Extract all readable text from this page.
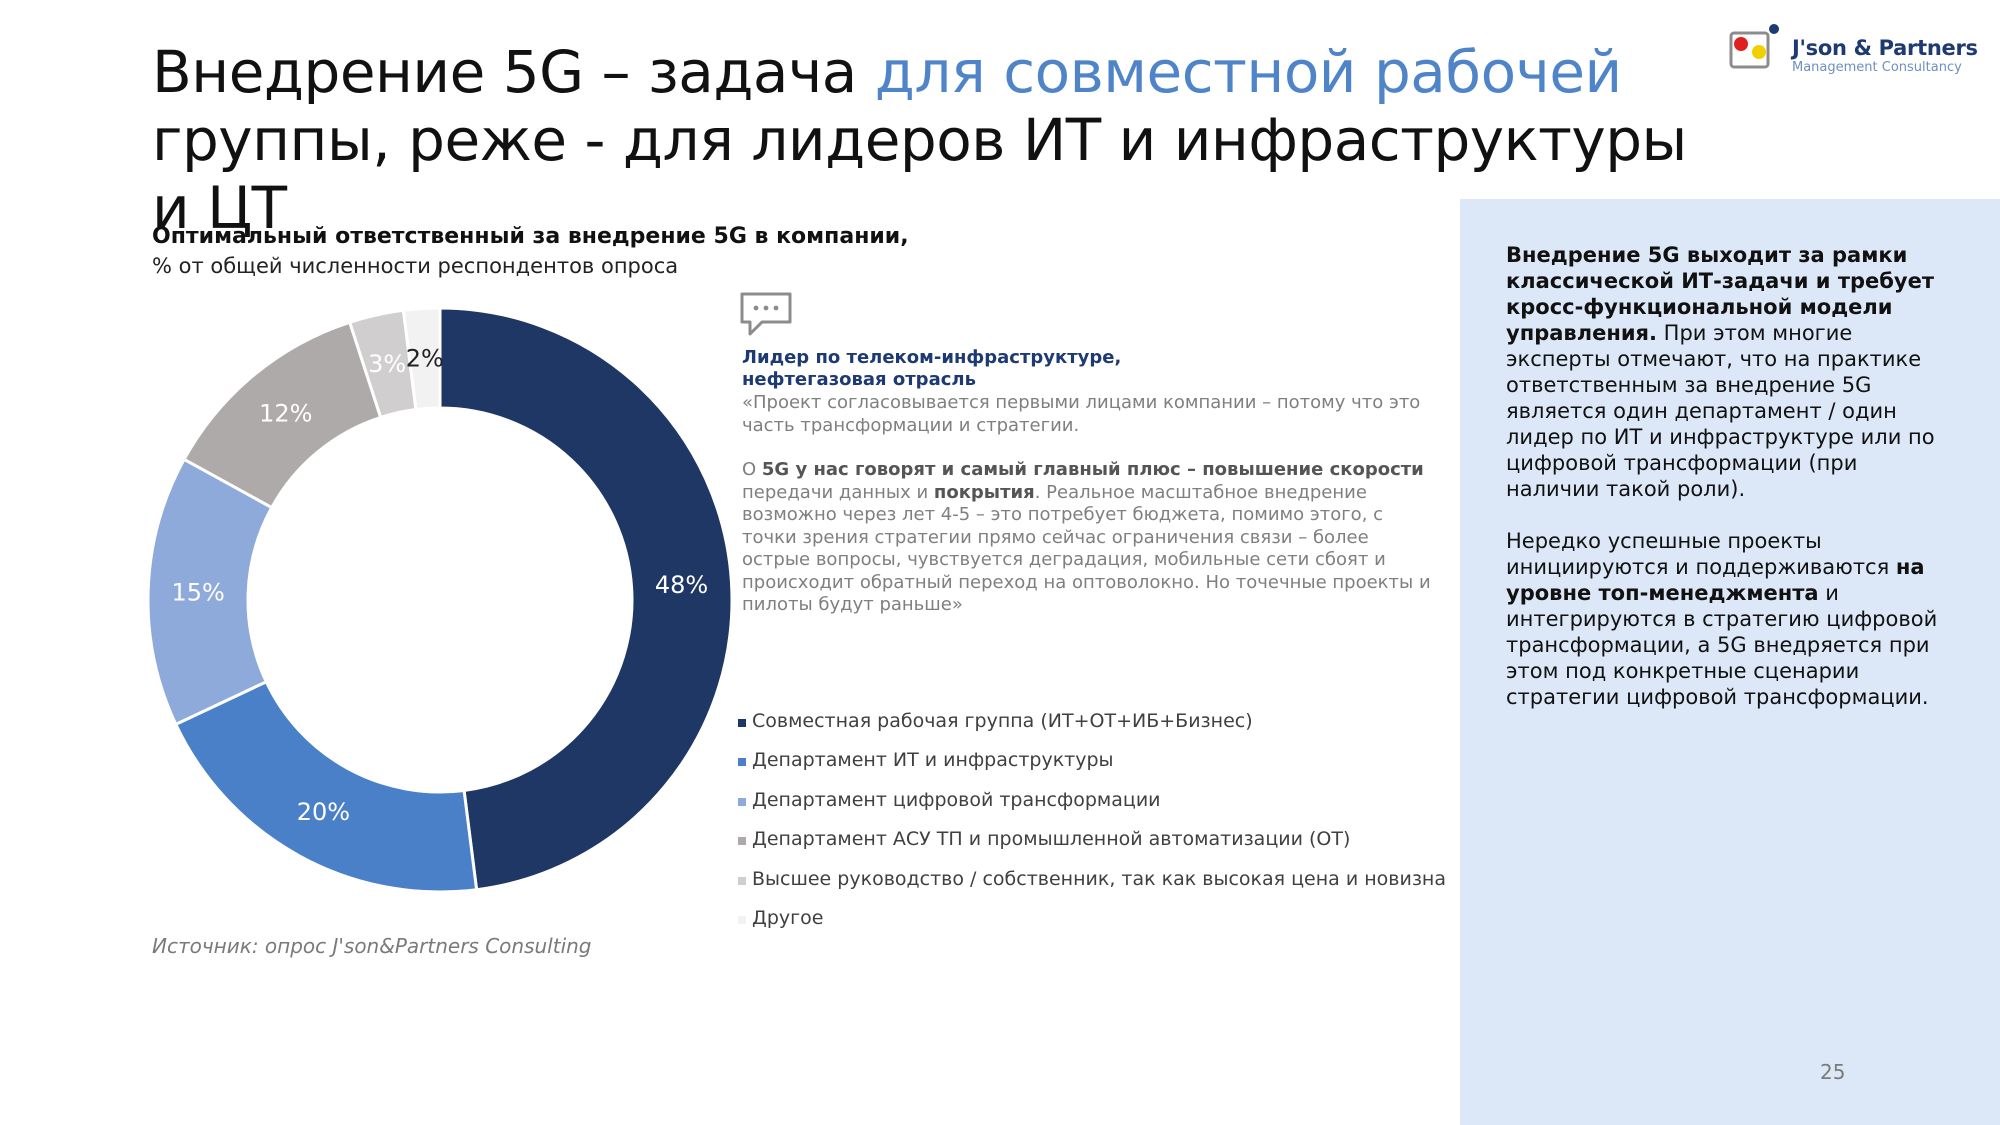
Внедрение 5G – задача для совместной рабочей
группы, реже - для лидеров ИТ и инфраструктуры и ЦТ
J'son & Partners
Management Consultancy
Оптимальный ответственный за внедрение 5G в компании,
% от общей численности респондентов опроса
48%
20%
15%
12%
3% 2%	Лидер по телеком-инфраструктуре,
нефтегазовая отрасль

«Проект согласовывается первыми лицами компании – потому что это часть трансформации и стратегии.

О 5G у нас говорят и самый главный плюс – повышение скорости передачи данных и покрытия. Реальное масштабное внедрение возможно через лет 4-5 – это потребует бюджета, помимо этого, с точки зрения стратегии прямо сейчас ограничения связи – более острые вопросы, чувствуется деградация, мобильные сети сбоят и происходит обратный переход на оптоволокно. Но точечные проекты и пилоты будут раньше»

Совместная рабочая группа (ИТ+ОТ+ИБ+Бизнес)
Департамент ИТ и инфраструктуры
Департамент цифровой трансформации
Департамент АСУ ТП и промышленной автоматизации (ОТ)
Высшее руководство / собственник, так как высокая цена и новизна
Другое
Источник: опрос J'son&Partners Consulting

Внедрение 5G выходит за рамки классической ИТ-задачи и требует кросс-функциональной модели управления. При этом многие эксперты отмечают, что на практике ответственным за внедрение 5G является один департамент / один лидер по ИТ и инфраструктуре или по цифровой трансформации (при наличии такой роли).

Нередко успешные проекты инициируются и поддерживаются на уровне топ-менеджмента и интегрируются в стратегию цифровой трансформации, а 5G внедряется при этом под конкретные сценарии стратегии цифровой трансформации.

25
